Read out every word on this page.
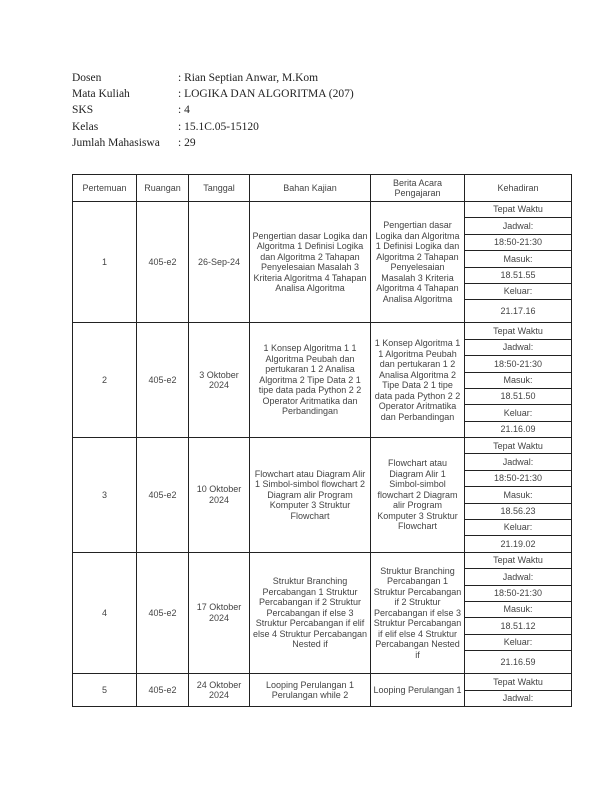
Dosen	: Rian Septian Anwar, M.Kom
Mata Kuliah	: LOGIKA DAN ALGORITMA (207)
SKS	: 4
Kelas	: 15.1C.05-15120
Jumlah Mahasiswa	: 29
Pertemuan	Ruangan	Tanggal	Bahan Kajian	Berita Acara Pengajaran	Kehadiran
1	405-e2	26-Sep-24	Pengertian dasar Logika dan Algoritma 1 Definisi Logika dan Algoritma 2 Tahapan Penyelesaian Masalah 3 Kriteria Algoritma 4 Tahapan Analisa Algoritma	Pengertian dasar Logika dan Algoritma 1 Definisi Logika dan Algoritma 2 Tahapan Penyelesaian Masalah 3 Kriteria Algoritma 4 Tahapan Analisa Algoritma	Tepat Waktu
					Jadwal:
					18:50-21:30
					Masuk:
					18.51.55
					Keluar:
					21.17.16
2	405-e2	3 Oktober 2024	1 Konsep Algoritma 1 1 Algoritma Peubah dan pertukaran 1 2 Analisa Algoritma 2 Tipe Data 2 1 tipe data pada Python 2 2 Operator Aritmatika dan Perbandingan	1 Konsep Algoritma 1 1 Algoritma Peubah dan pertukaran 1 2 Analisa Algoritma 2 Tipe Data 2 1 tipe data pada Python 2 2 Operator Aritmatika dan Perbandingan	Tepat Waktu
					Jadwal:
					18:50-21:30
					Masuk:
					18.51.50
					Keluar:
					21.16.09
3	405-e2	10 Oktober 2024	Flowchart atau Diagram Alir 1 Simbol-simbol flowchart 2 Diagram alir Program Komputer 3 Struktur Flowchart	Flowchart atau Diagram Alir 1 Simbol-simbol flowchart 2 Diagram alir Program Komputer 3 Struktur Flowchart	Tepat Waktu
					Jadwal:
					18:50-21:30
					Masuk:
					18.56.23
					Keluar:
					21.19.02
4	405-e2	17 Oktober 2024	Struktur Branching Percabangan 1 Struktur Percabangan if 2 Struktur Percabangan if else 3 Struktur Percabangan if elif else 4 Struktur Percabangan Nested if	Struktur Branching Percabangan 1 Struktur Percabangan if 2 Struktur Percabangan if else 3 Struktur Percabangan if elif else 4 Struktur Percabangan Nested if	Tepat Waktu
					Jadwal:
					18:50-21:30
					Masuk:
					18.51.12
					Keluar:
					21.16.59
5	405-e2	24 Oktober 2024	Looping Perulangan 1 Perulangan while 2	Looping Perulangan 1	Tepat Waktu
					Jadwal:
